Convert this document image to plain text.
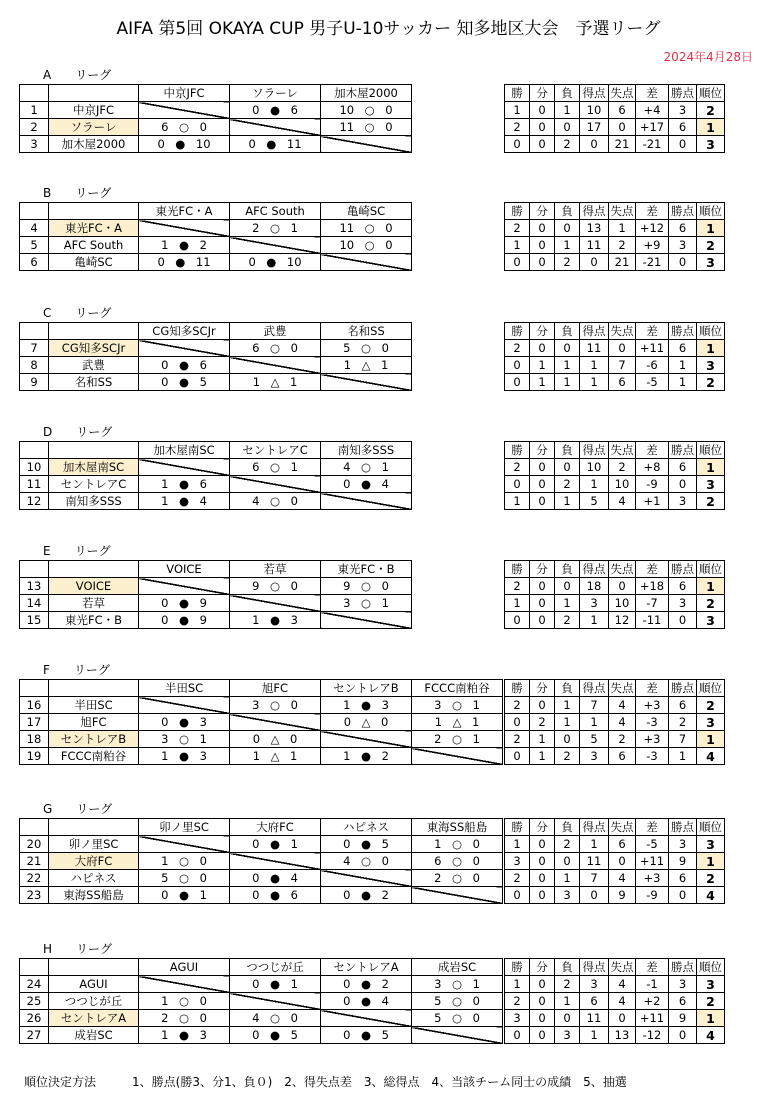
AIFA 第5回 OKAYA CUP 男子U-10サッカー 知多地区大会　予選リーグ
2024年4月28日
A　　リーグ
		中京JFC	ソラーレ	加木屋2000
1	中京JFC		0 ● 6	10 ○ 0
2	ソラーレ	6 ○ 0		11 ○ 0
3	加木屋2000	0 ● 10	0 ● 11	
勝	分	負	得点	失点	差	勝点	順位
1	0	1	10	6	+4	3	2
2	0	0	17	0	+17	6	1
0	0	2	0	21	-21	0	3
B　　リーグ
		東光FC・A	AFC South	亀崎SC
4	東光FC・A		2 ○ 1	11 ○ 0
5	AFC South	1 ● 2		10 ○ 0
6	亀崎SC	0 ● 11	0 ● 10	
勝	分	負	得点	失点	差	勝点	順位
2	0	0	13	1	+12	6	1
1	0	1	11	2	+9	3	2
0	0	2	0	21	-21	0	3
C　　リーグ
		CG知多SCJr	武豊	名和SS
7	CG知多SCJr		6 ○ 0	5 ○ 0
8	武豊	0 ● 6		1 △ 1
9	名和SS	0 ● 5	1 △ 1	
勝	分	負	得点	失点	差	勝点	順位
2	0	0	11	0	+11	6	1
0	1	1	1	7	-6	1	3
0	1	1	1	6	-5	1	2
D　　リーグ
		加木屋南SC	セントレアC	南知多SSS
10	加木屋南SC		6 ○ 1	4 ○ 1
11	セントレアC	1 ● 6		0 ● 4
12	南知多SSS	1 ● 4	4 ○ 0	
勝	分	負	得点	失点	差	勝点	順位
2	0	0	10	2	+8	6	1
0	0	2	1	10	-9	0	3
1	0	1	5	4	+1	3	2
E　　リーグ
		VOICE	若草	東光FC・B
13	VOICE		9 ○ 0	9 ○ 0
14	若草	0 ● 9		3 ○ 1
15	東光FC・B	0 ● 9	1 ● 3	
勝	分	負	得点	失点	差	勝点	順位
2	0	0	18	0	+18	6	1
1	0	1	3	10	-7	3	2
0	0	2	1	12	-11	0	3
F　　リーグ
		半田SC	旭FC	セントレアB	FCCC南粕谷
16	半田SC		3 ○ 0	1 ● 3	3 ○ 1
17	旭FC	0 ● 3		0 △ 0	1 △ 1
18	セントレアB	3 ○ 1	0 △ 0		2 ○ 1
19	FCCC南粕谷	1 ● 3	1 △ 1	1 ● 2	
勝	分	負	得点	失点	差	勝点	順位
2	0	1	7	4	+3	6	2
0	2	1	1	4	-3	2	3
2	1	0	5	2	+3	7	1
0	1	2	3	6	-3	1	4
G　　リーグ
		卯ノ里SC	大府FC	ハピネス	東海SS船島
20	卯ノ里SC		0 ● 1	0 ● 5	1 ○ 0
21	大府FC	1 ○ 0		4 ○ 0	6 ○ 0
22	ハピネス	5 ○ 0	0 ● 4		2 ○ 0
23	東海SS船島	0 ● 1	0 ● 6	0 ● 2	
勝	分	負	得点	失点	差	勝点	順位
1	0	2	1	6	-5	3	3
3	0	0	11	0	+11	9	1
2	0	1	7	4	+3	6	2
0	0	3	0	9	-9	0	4
H　　リーグ
		AGUI	つつじが丘	セントレアA	成岩SC
24	AGUI		0 ● 1	0 ● 2	3 ○ 1
25	つつじが丘	1 ○ 0		0 ● 4	5 ○ 0
26	セントレアA	2 ○ 0	4 ○ 0		5 ○ 0
27	成岩SC	1 ● 3	0 ● 5	0 ● 5	
勝	分	負	得点	失点	差	勝点	順位
1	0	2	3	4	-1	3	3
2	0	1	6	4	+2	6	2
3	0	0	11	0	+11	9	1
0	0	3	1	13	-12	0	4
順位決定方法　　　1、勝点(勝3、分1、負０)　2、得失点差　3、総得点　4、当該チーム同士の成績　5、抽選
